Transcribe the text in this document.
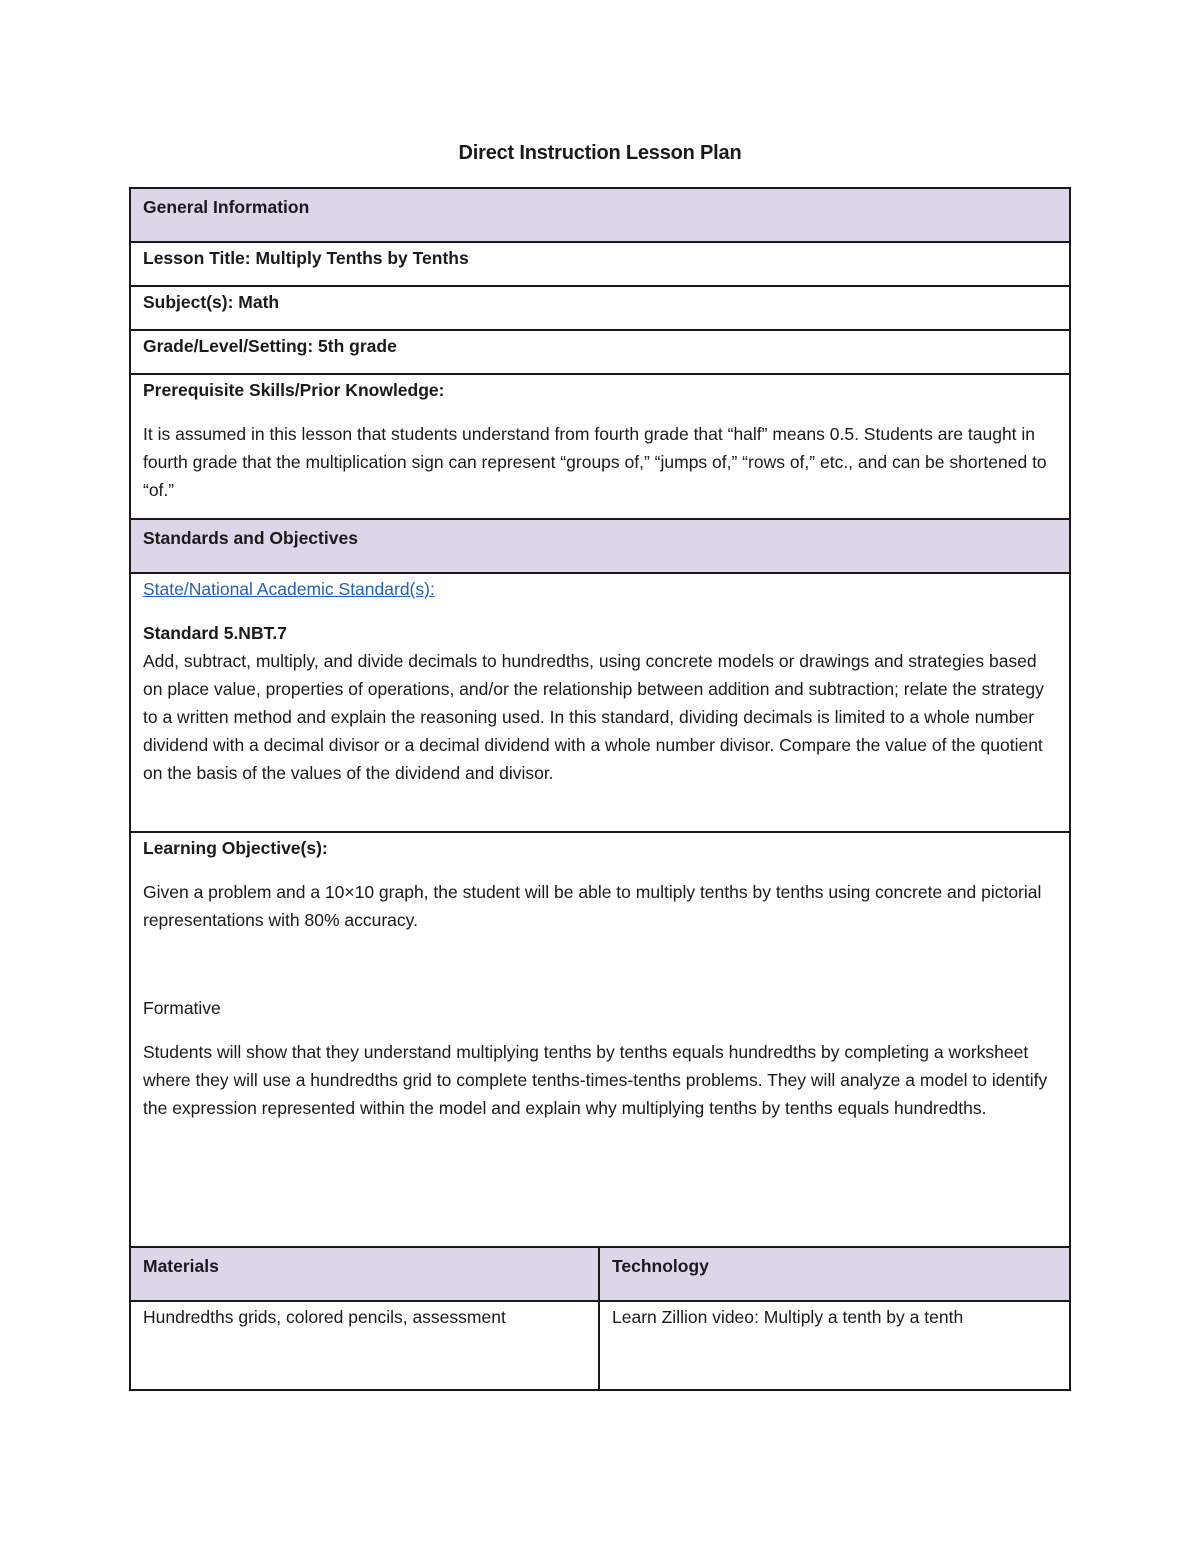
Direct Instruction Lesson Plan
General Information	
Lesson Title: Multiply Tenths by Tenths	
Subject(s): Math	
Grade/Level/Setting: 5th grade	

Prerequisite Skills/Prior Knowledge:

It is assumed in this lesson that students understand from fourth grade that “half” means 0.5. Students are taught in fourth grade that the multiplication sign can represent “groups of,” “jumps of,” “rows of,” etc., and can be shortened to “of.”	

Standards and Objectives	

State/National Academic Standard(s):

Standard 5.NBT.7

Add, subtract, multiply, and divide decimals to hundredths, using concrete models or drawings and strategies based on place value, properties of operations, and/or the relationship between addition and subtraction; relate the strategy to a written method and explain the reasoning used. In this standard, dividing decimals is limited to a whole number dividend with a decimal divisor or a decimal dividend with a whole number divisor. Compare the value of the quotient on the basis of the values of the dividend and divisor.	

Learning Objective(s):

Given a problem and a 10×10 graph, the student will be able to multiply tenths by tenths using concrete and pictorial representations with 80% accuracy.

Formative

Students will show that they understand multiplying tenths by tenths equals hundredths by completing a worksheet where they will use a hundredths grid to complete tenths-times-tenths problems. They will analyze a model to identify the expression represented within the model and explain why multiplying tenths by tenths equals hundredths.	

Materials	Technology
Hundredths grids, colored pencils, assessment	Learn Zillion video: Multiply a tenth by a tenth
